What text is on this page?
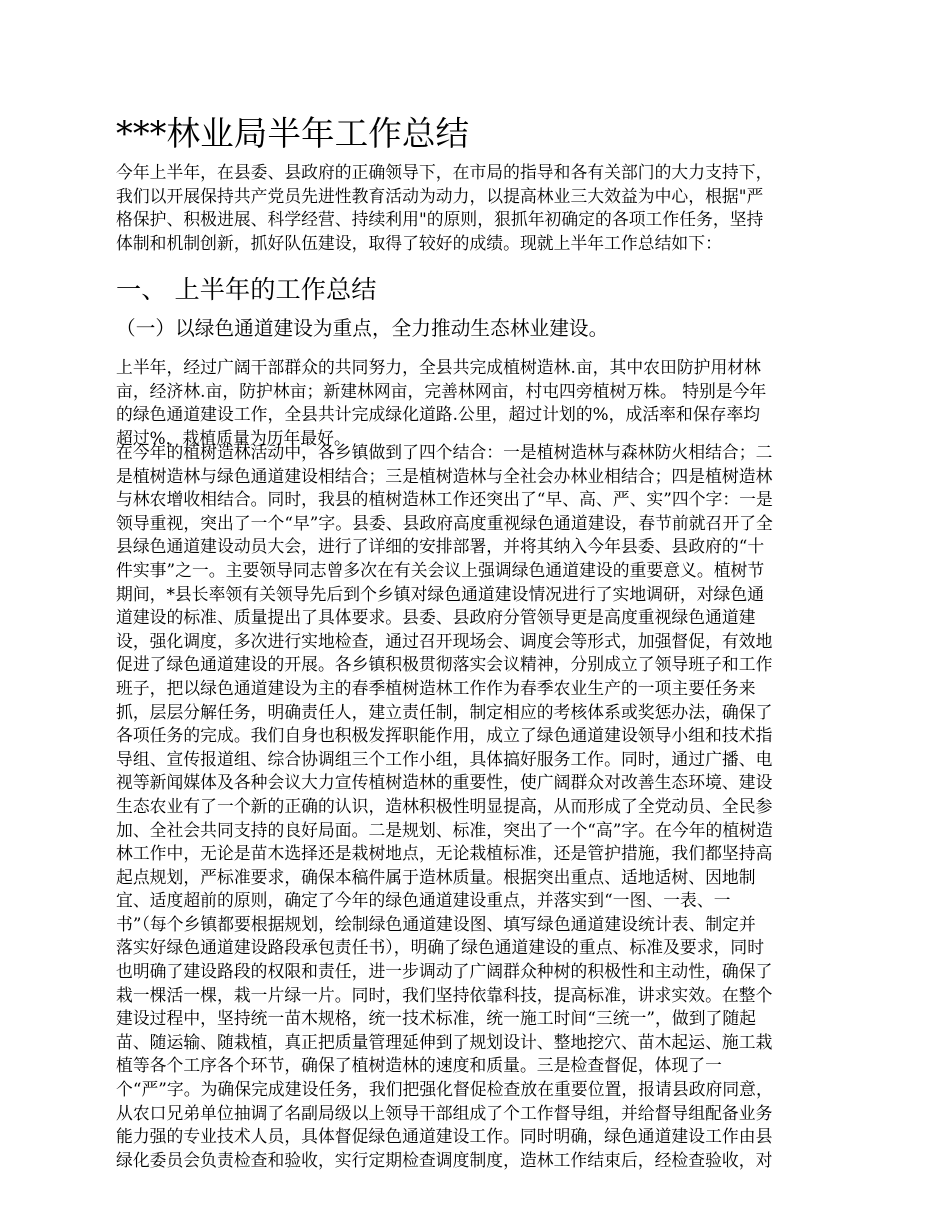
***林业局半年工作总结

今年上半年，在县委、县政府的正确领导下，在市局的指导和各有关部门的大力支持下，
我们以开展保持共产党员先进性教育活动为动力，以提高林业三大效益为中心，根据"严
格保护、积极进展、科学经营、持续利用"的原则，狠抓年初确定的各项工作任务，坚持
体制和机制创新，抓好队伍建设，取得了较好的成绩。现就上半年工作总结如下：

一、 上半年的工作总结
（一）以绿色通道建设为重点，全力推动生态林业建设。

上半年，经过广阔干部群众的共同努力，全县共完成植树造林.亩，其中农田防护用材林
亩，经济林.亩，防护林亩；新建林网亩，完善林网亩，村屯四旁植树万株。 特别是今年
的绿色通道建设工作，全县共计完成绿化道路.公里，超过计划的%，成活率和保存率均
超过%，栽植质量为历年最好。

在今年的植树造林活动中，各乡镇做到了四个结合：一是植树造林与森林防火相结合；二
是植树造林与绿色通道建设相结合；三是植树造林与全社会办林业相结合；四是植树造林
与林农增收相结合。同时，我县的植树造林工作还突出了“早、高、严、实”四个字：一是
领导重视，突出了一个“早”字。县委、县政府高度重视绿色通道建设，春节前就召开了全
县绿色通道建设动员大会，进行了详细的安排部署，并将其纳入今年县委、县政府的“十
件实事”之一。主要领导同志曾多次在有关会议上强调绿色通道建设的重要意义。植树节
期间，*县长率领有关领导先后到个乡镇对绿色通道建设情况进行了实地调研，对绿色通
道建设的标准、质量提出了具体要求。县委、县政府分管领导更是高度重视绿色通道建
设，强化调度，多次进行实地检查，通过召开现场会、调度会等形式，加强督促，有效地
促进了绿色通道建设的开展。各乡镇积极贯彻落实会议精神，分别成立了领导班子和工作
班子，把以绿色通道建设为主的春季植树造林工作作为春季农业生产的一项主要任务来
抓，层层分解任务，明确责任人，建立责任制，制定相应的考核体系或奖惩办法，确保了
各项任务的完成。我们自身也积极发挥职能作用，成立了绿色通道建设领导小组和技术指
导组、宣传报道组、综合协调组三个工作小组，具体搞好服务工作。同时，通过广播、电
视等新闻媒体及各种会议大力宣传植树造林的重要性，使广阔群众对改善生态环境、建设
生态农业有了一个新的正确的认识，造林积极性明显提高，从而形成了全党动员、全民参
加、全社会共同支持的良好局面。二是规划、标准，突出了一个“高”字。在今年的植树造
林工作中，无论是苗木选择还是栽树地点，无论栽植标准，还是管护措施，我们都坚持高
起点规划，严标准要求，确保本稿件属于造林质量。根据突出重点、适地适树、因地制
宜、适度超前的原则，确定了今年的绿色通道建设重点，并落实到“一图、一表、一
书”（每个乡镇都要根据规划，绘制绿色通道建设图、填写绿色通道建设统计表、制定并
落实好绿色通道建设路段承包责任书），明确了绿色通道建设的重点、标准及要求，同时
也明确了建设路段的权限和责任，进一步调动了广阔群众种树的积极性和主动性，确保了
栽一棵活一棵，栽一片绿一片。同时，我们坚持依靠科技，提高标准，讲求实效。在整个
建设过程中，坚持统一苗木规格，统一技术标准，统一施工时间“三统一”，做到了随起
苗、随运输、随栽植，真正把质量管理延伸到了规划设计、整地挖穴、苗木起运、施工栽
植等各个工序各个环节，确保了植树造林的速度和质量。三是检查督促，体现了一
个“严”字。为确保完成建设任务，我们把强化督促检查放在重要位置，报请县政府同意，
从农口兄弟单位抽调了名副局级以上领导干部组成了个工作督导组，并给督导组配备业务
能力强的专业技术人员，具体督促绿色通道建设工作。同时明确，绿色通道建设工作由县
绿化委员会负责检查和验收，实行定期检查调度制度，造林工作结束后，经检查验收，对
